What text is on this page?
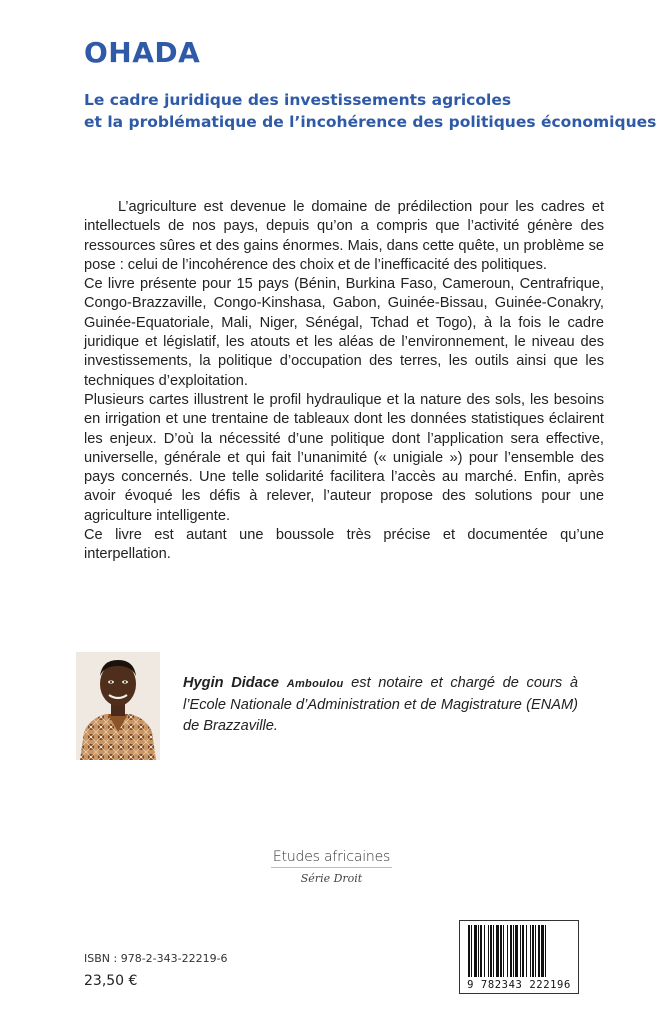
OHADA
Le cadre juridique des investissements agricoles
et la problématique de l’incohérence des politiques économiques

L’agriculture est devenue le domaine de prédilection pour les cadres et intellectuels de nos pays, depuis qu’on a compris que l’activité génère des ressources sûres et des gains énormes. Mais, dans cette quête, un problème se pose : celui de l’incohérence des choix et de l’inefficacité des politiques.

Ce livre présente pour 15 pays (Bénin, Burkina Faso, Cameroun, Centrafrique, Congo-Brazzaville, Congo-Kinshasa, Gabon, Guinée-Bissau, Guinée-Conakry, Guinée-Equatoriale, Mali, Niger, Sénégal, Tchad et Togo), à la fois le cadre juridique et législatif, les atouts et les aléas de l’environnement, le niveau des investissements, la politique d’occupation des terres, les outils ainsi que les techniques d’exploitation.

Plusieurs cartes illustrent le profil hydraulique et la nature des sols, les besoins en irrigation et une trentaine de tableaux dont les données statistiques éclairent les enjeux. D’où la nécessité d’une politique dont l’application sera effective, universelle, générale et qui fait l’unanimité (« unigiale ») pour l’ensemble des pays concernés. Une telle solidarité facilitera l’accès au marché. Enfin, après avoir évoqué les défis à relever, l’auteur propose des solutions pour une agriculture intelligente.

Ce livre est autant une boussole très précise et documentée qu’une interpellation.

Hygin Didace Amboulou est notaire et chargé de cours à l’Ecole Nationale d’Administration et de Magistrature (ENAM) de Brazzaville.
Etudes africaines
Série Droit
ISBN : 978-2-343-22219-6
23,50 €	9 782343 222196
